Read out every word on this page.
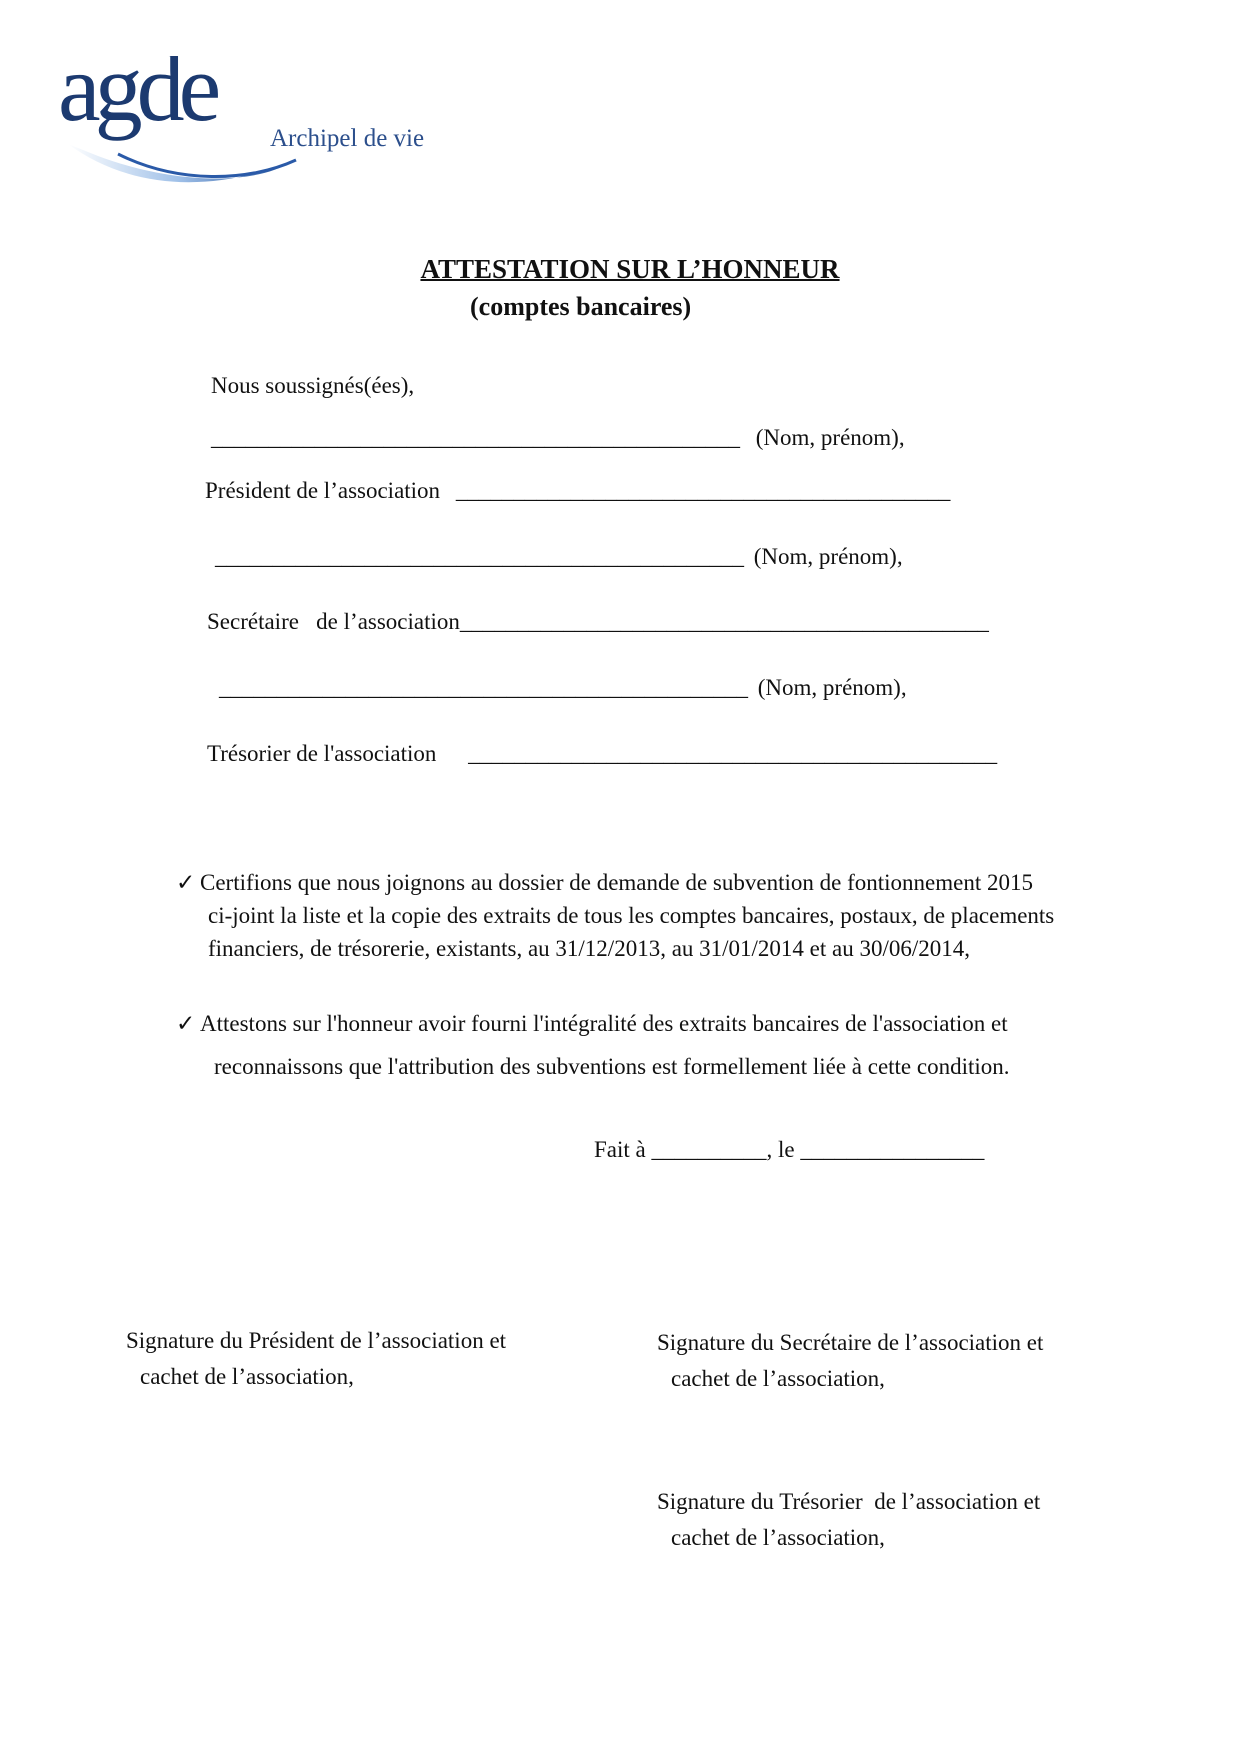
agde Archipel de vie
ATTESTATION SUR L’HONNEUR
(comptes bancaires)
Nous soussignés(ées),
______________________________________________ (Nom, prénom),
Président de l’association ___________________________________________
______________________________________________ (Nom, prénom),
Secrétaire   de l’association______________________________________________
______________________________________________ (Nom, prénom),
Trésorier de l'association ______________________________________________
✓ Certifions que nous joignons au dossier de demande de subvention de fontionnement 2015
ci-joint la liste et la copie des extraits de tous les comptes bancaires, postaux, de placements
financiers, de trésorerie, existants, au 31/12/2013, au 31/01/2014 et au 30/06/2014,
✓ Attestons sur l'honneur avoir fourni l'intégralité des extraits bancaires de l'association et
reconnaissons que l'attribution des subventions est formellement liée à cette condition.
Fait à __________, le ________________
Signature du Président de l’association et
cachet de l’association,
Signature du Secrétaire de l’association et
cachet de l’association,
Signature du Trésorier  de l’association et
cachet de l’association,
